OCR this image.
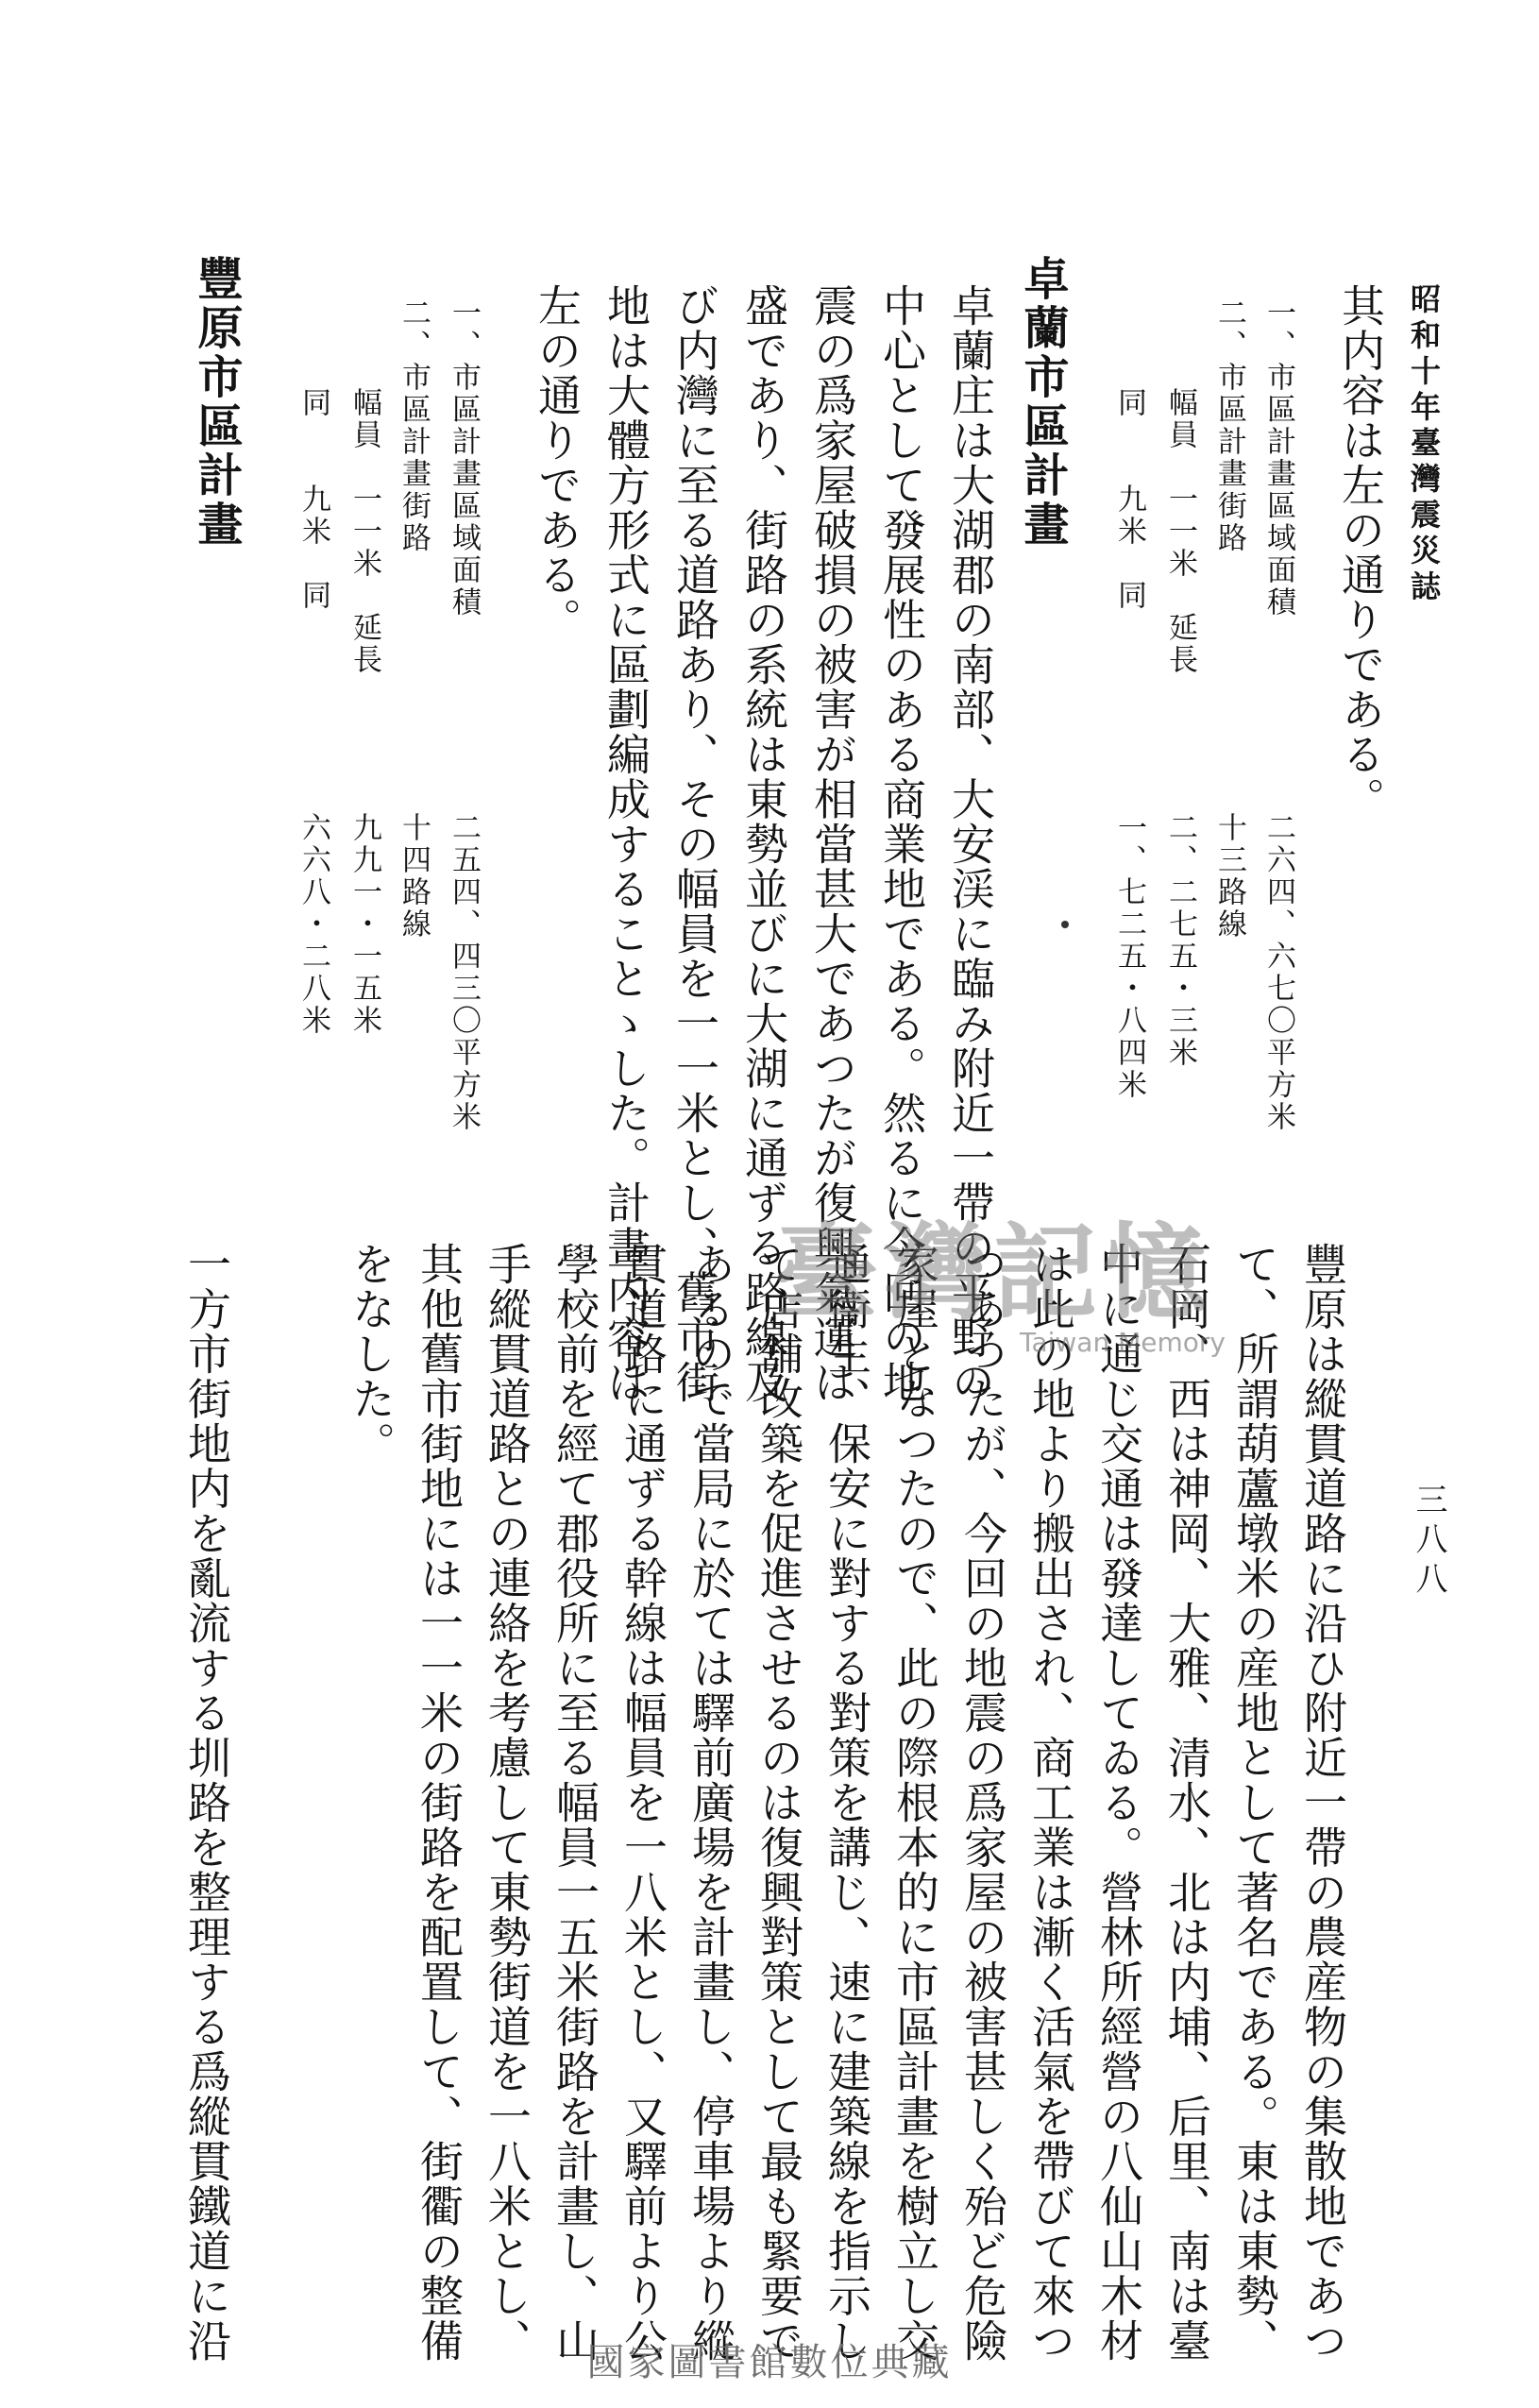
昭和十年臺灣震災誌
三八八
其内容は左の通りである。
一、市區計畫區域面積
二六四、六七〇平方米
二、市區計畫街路
十三路線
幅員　一一米　延長
二、二七五・三米
同　　九米　同
一、七二五・八四米
卓蘭市區計畫
卓蘭庄は大湖郡の南部、大安渓に臨み附近一帶の平野の
中心として發展性のある商業地である。然るに今回の地
震の爲家屋破損の被害が相當甚大であつたが復興氣運は
盛であり、街路の系統は東勢並びに大湖に通ずる路線及
び内灣に至る道路あり、その幅員を一一米とし、舊市街
地は大體方形式に區劃編成することゝした。計畫内容は
左の通りである。
一、市區計畫區域面積
二五四、四三〇平方米
二、市區計畫街路
十四路線
幅員　一一米　延長
九九一・一五米
同　　九米　同
六六八・二八米
豐原市區計畫
豐原は縱貫道路に沿ひ附近一帶の農産物の集散地であつ
て、所謂葫蘆墩米の産地として著名である。東は東勢、
石岡、西は神岡、大雅、清水、北は内埔、后里、南は臺
中に通じ交通は發達してゐる。營林所經營の八仙山木材
は此の地より搬出され、商工業は漸く活氣を帶びて來つ
つあつたが、今回の地震の爲家屋の被害甚しく殆ど危險
家屋となつたので、此の際根本的に市區計畫を樹立し交
通衞生、保安に對する對策を講じ、速に建築線を指示し
て店舖改築を促進させるのは復興對策として最も緊要で
あるので當局に於ては驛前廣場を計畫し、停車場より縱
貫道路に通ずる幹線は幅員を一八米とし、又驛前より公
學校前を經て郡役所に至る幅員一五米街路を計畫し、山
手縱貫道路との連絡を考慮して東勢街道を一八米とし、
其他舊市街地には一一米の街路を配置して、街衢の整備
をなした。
一方市街地内を亂流する圳路を整理する爲縱貫鐵道に沿	臺灣記憶
Taiwan Memory
國家圖書館數位典藏
